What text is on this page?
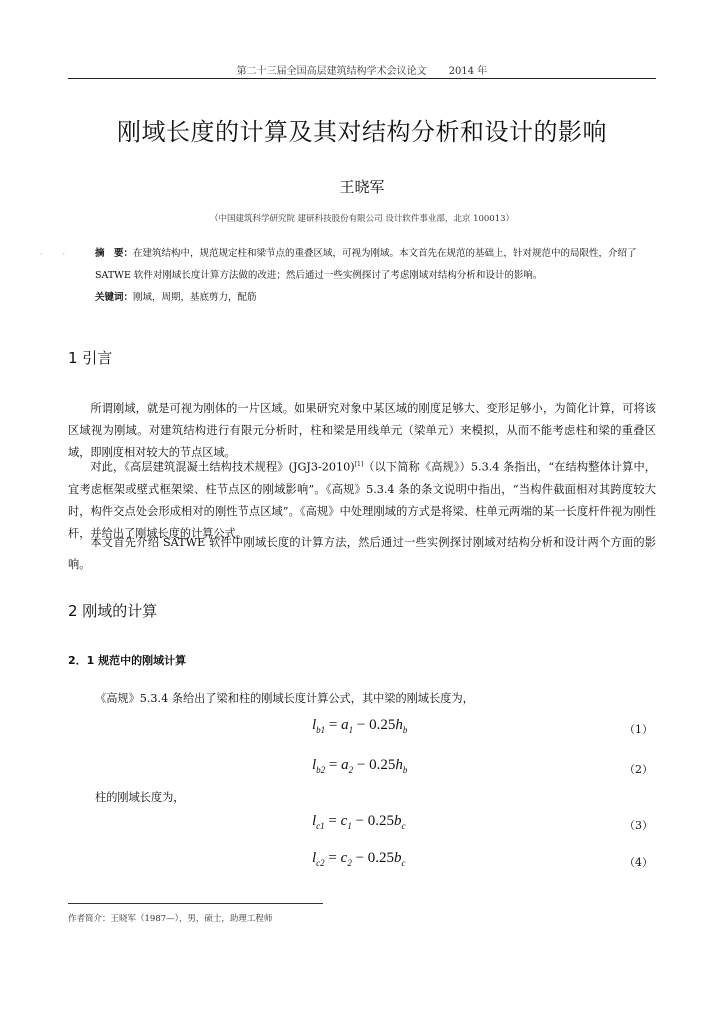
第二十三届全国高层建筑结构学术会议论文 2014 年
刚域长度的计算及其对结构分析和设计的影响
王晓军
（中国建筑科学研究院 建研科技股份有限公司 设计软件事业部，北京 100013）
·· 摘　要：在建筑结构中，规范规定柱和梁节点的重叠区域，可视为刚域。本文首先在规范的基础上，针对规范中的局限性，介绍了 SATWE 软件对刚域长度计算方法做的改进；然后通过一些实例探讨了考虑刚域对结构分析和设计的影响。
关键词：刚域，周期，基底剪力，配筋
1 引言
所谓刚域，就是可视为刚体的一片区域。如果研究对象中某区域的刚度足够大、变形足够小，为简化计算，可将该区域视为刚域。对建筑结构进行有限元分析时，柱和梁是用线单元（梁单元）来模拟，从而不能考虑柱和梁的重叠区域，即刚度相对较大的节点区域。
对此，《高层建筑混凝土结构技术规程》(JGJ3-2010)[1]（以下简称《高规》）5.3.4 条指出，“在结构整体计算中，宜考虑框架或壁式框架梁、柱节点区的刚域影响”。《高规》5.3.4 条的条文说明中指出，“当构件截面相对其跨度较大时，构件交点处会形成相对的刚性节点区域”。《高规》中处理刚域的方式是将梁、柱单元两端的某一长度杆件视为刚性杆，并给出了刚域长度的计算公式。
本文首先介绍 SATWE 软件中刚域长度的计算方法，然后通过一些实例探讨刚域对结构分析和设计两个方面的影响。
2 刚域的计算
2．1 规范中的刚域计算
《高规》5.3.4 条给出了梁和柱的刚域长度计算公式，其中梁的刚域长度为，
$l_{b1} = a_1 - 0.25h_b$	（1）
$l_{b2} = a_2 - 0.25h_b$	（2）
柱的刚域长度为，
$l_{c1} = c_1 - 0.25b_c$	（3）
$l_{c2} = c_2 - 0.25b_c$	（4）
作者简介：王晓军（1987—），男，硕士，助理工程师
